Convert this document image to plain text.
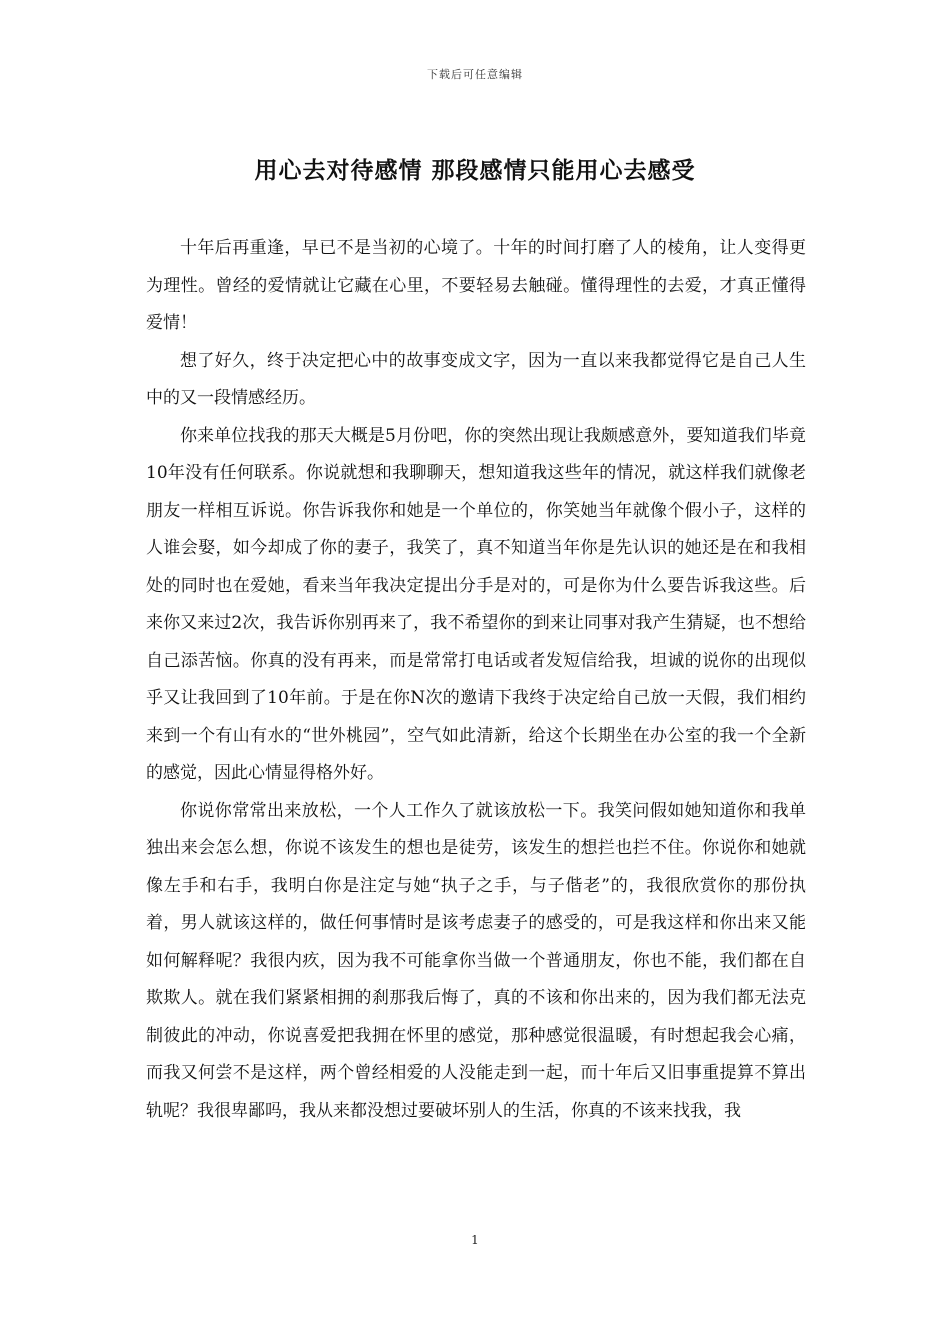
下载后可任意编辑
用心去对待感情 那段感情只能用心去感受

十年后再重逢，早已不是当初的心境了。十年的时间打磨了人的棱角，让人变得更为理性。曾经的爱情就让它藏在心里，不要轻易去触碰。懂得理性的去爱，才真正懂得爱情！

想了好久，终于决定把心中的故事变成文字，因为一直以来我都觉得它是自己人生中的又一段情感经历。

你来单位找我的那天大概是5月份吧，你的突然出现让我颇感意外，要知道我们毕竟10年没有任何联系。你说就想和我聊聊天，想知道我这些年的情况，就这样我们就像老朋友一样相互诉说。你告诉我你和她是一个单位的，你笑她当年就像个假小子，这样的人谁会娶，如今却成了你的妻子，我笑了，真不知道当年你是先认识的她还是在和我相处的同时也在爱她，看来当年我决定提出分手是对的，可是你为什么要告诉我这些。后来你又来过2次，我告诉你别再来了，我不希望你的到来让同事对我产生猜疑，也不想给自己添苦恼。你真的没有再来，而是常常打电话或者发短信给我，坦诚的说你的出现似乎又让我回到了10年前。于是在你N次的邀请下我终于决定给自己放一天假，我们相约来到一个有山有水的“世外桃园”，空气如此清新，给这个长期坐在办公室的我一个全新的感觉，因此心情显得格外好。

你说你常常出来放松，一个人工作久了就该放松一下。我笑问假如她知道你和我单独出来会怎么想，你说不该发生的想也是徒劳，该发生的想拦也拦不住。你说你和她就像左手和右手，我明白你是注定与她“执子之手，与子偕老”的，我很欣赏你的那份执着，男人就该这样的，做任何事情时是该考虑妻子的感受的，可是我这样和你出来又能如何解释呢？我很内疚，因为我不可能拿你当做一个普通朋友，你也不能，我们都在自欺欺人。就在我们紧紧相拥的刹那我后悔了，真的不该和你出来的，因为我们都无法克制彼此的冲动，你说喜爱把我拥在怀里的感觉，那种感觉很温暖，有时想起我会心痛，而我又何尝不是这样，两个曾经相爱的人没能走到一起，而十年后又旧事重提算不算出轨呢？我很卑鄙吗，我从来都没想过要破坏别人的生活，你真的不该来找我，我

1
